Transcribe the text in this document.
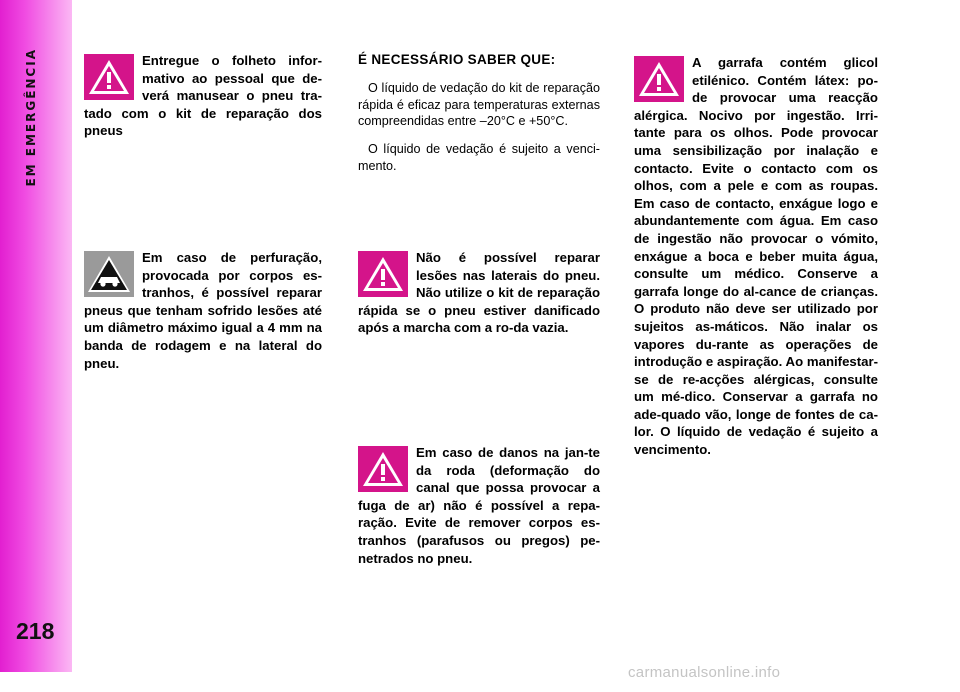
EM EMERGÊNCIA
218
Entregue o folheto infor-mativo ao pessoal que de-verá manusear o pneu tra-tado com o kit de reparação dos pneus
Em caso de perfuração, provocada por corpos es-tranhos, é possível reparar pneus que tenham sofrido lesões até um diâmetro máximo igual a 4 mm na banda de rodagem e na lateral do pneu.
É NECESSÁRIO SABER QUE:
O líquido de vedação do kit de reparação rápida é eficaz para temperaturas externas compreendidas entre –20°C e +50°C.
O líquido de vedação é sujeito a venci-mento.
Não é possível reparar lesões nas laterais do pneu. Não utilize o kit de reparação rápida se o pneu estiver danificado após a marcha com a ro-da vazia.
Em caso de danos na jan-te da roda (deformação do canal que possa provocar a fuga de ar) não é possível a repa-ração. Evite de remover corpos es-tranhos (parafusos ou pregos) pe-netrados no pneu.
A garrafa contém glicol etilénico. Contém látex: po-de provocar uma reacção alérgica. Nocivo por ingestão. Irri-tante para os olhos. Pode provocar uma sensibilização por inalação e contacto. Evite o contacto com os olhos, com a pele e com as roupas. Em caso de contacto, enxágue logo e abundantemente com água. Em caso de ingestão não provocar o vómito, enxágue a boca e beber muita água, consulte um médico. Conserve a garrafa longe do al-cance de crianças. O produto não deve ser utilizado por sujeitos as-máticos. Não inalar os vapores du-rante as operações de introdução e aspiração. Ao manifestar-se de re-acções alérgicas, consulte um mé-dico. Conservar a garrafa no ade-quado vão, longe de fontes de ca-lor. O líquido de vedação é sujeito a vencimento.
carmanualsonline.info
